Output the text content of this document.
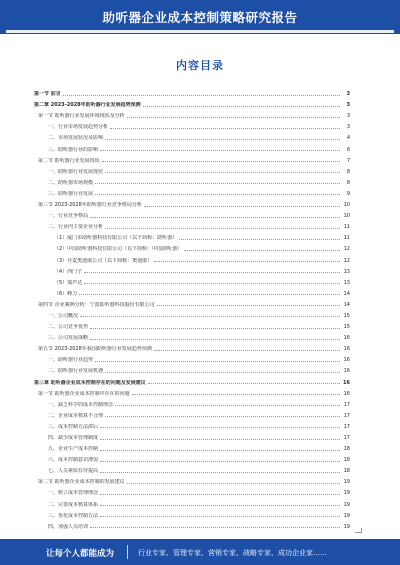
助听器企业成本控制策略研究报告
内容目录
第一节 前言	3
第二章 2023-2028年助听器行业发展趋势预测	3
第一节 助听器行业发展环境现状及分析	3
一、行业市场发展趋势分析	3
二、市场发展状况及影响	4
三、助听器行业的影响	6
第二节 助听器行业发展现状	7
一、助听器行业发展现状	8
二、助听器市场规模	8
三、助听器行业发展	9
第三节 2023-2028年助听器行业竞争格局分析	10
一、行业竞争格局	10
二、行业内主要企业分析	11
（1）厦门市助听器科技有限公司（以下简称：助听器）	11
（2）中国助听器科技有限公司（以下简称：中国助听器）	12
（3）丹麦奥迪康公司（以下简称：奥迪康）	12
（4）西门子	13
（5）瑞声达	13
（6）峰力	14
第四节 企业案例分析：宁波助听器科技股份有限公司	14
一、公司概况	15
二、公司竞争优势	15
三、公司发展战略	16
第五节 2023-2028年我国助听器行业发展趋势预测	16
一、助听器行业趋势	16
二、助听器行业发展机遇	16
第三章 助听器企业成本控制存在的问题及发展建议	16
第一节 助听器企业成本控制中存在的问题	16
一、缺乏科学的成本控制理念	17
二、企业成本核算不合理	17
三、成本控制方法滞后	17
四、缺少成本管理制度	17
五、企业生产成本控制	18
六、成本控制意识薄弱	18
七、人员素质有待提高	18
第二节 助听器企业成本控制的发展建议	19
一、树立成本管理理念	19
二、完善成本核算体系	19
三、优化成本控制方法	19
四、加强人员培训	19
让每个人都能成为	行业专家、管理专家、营销专家、战略专家、成功企业家……
